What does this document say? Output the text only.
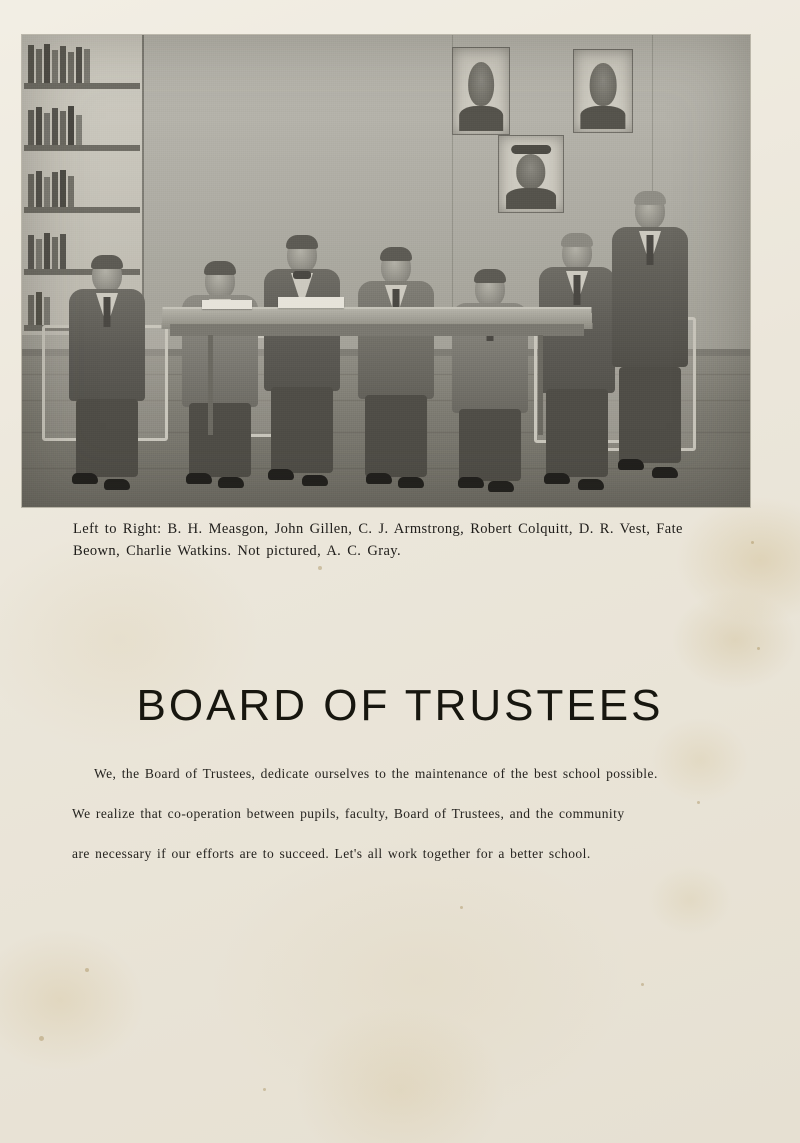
Left to Right: B. H. Measgon, John Gillen, C. J. Armstrong, Robert Colquitt, D. R. Vest, Fate Beown, Charlie Watkins. Not pictured, A. C. Gray.
BOARD OF TRUSTEES

We, the Board of Trustees, dedicate ourselves to the maintenance of the best school possible.

We realize that co-operation between pupils, faculty, Board of Trustees, and the community

are necessary if our efforts are to succeed. Let's all work together for a better school.
